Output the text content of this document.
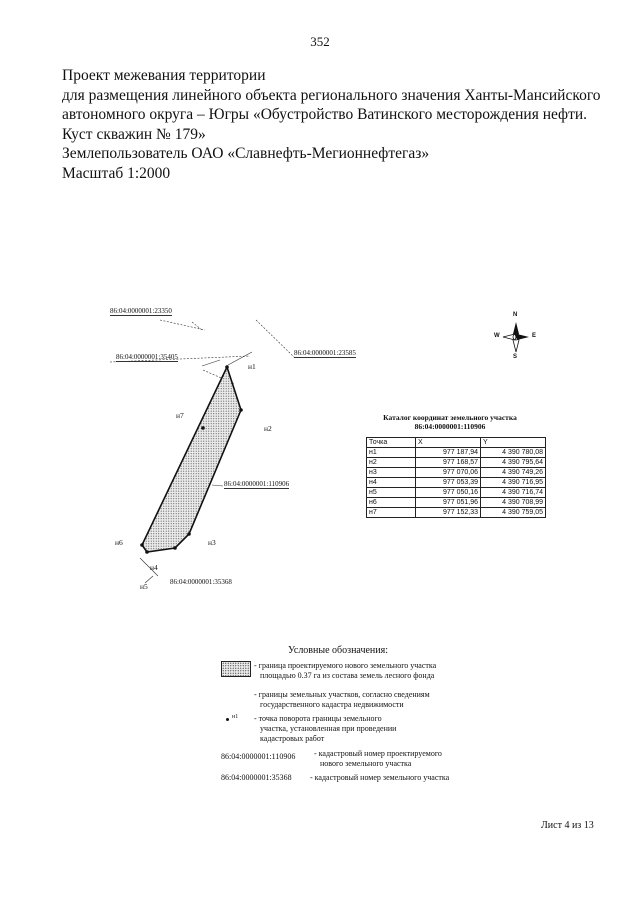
352
Проект межевания территории
для размещения линейного объекта регионального значения Ханты-Мансийского
автономного округа – Югры «Обустройство Ватинского месторождения нефти.
Куст скважин № 179»
Землепользователь ОАО «Славнефть-Мегионнефтегаз»
Масштаб 1:2000
86:04:0000001:23350
86:04:0000001:35405	86:04:0000001:23585
86:04:0000001:35368
86:04:0000001:110906
н1
н2
н3
н4
н5
н6
н7
N
S
W	E
Каталог координат земельного участка
86:04:0000001:110906
Точка	X	Y
н1	977 187,94	4 390 780,08
н2	977 168,57	4 390 795,64
н3	977 070,06	4 390 749,26
н4	977 053,39	4 390 716,95
н5	977 050,16	4 390 716,74
н6	977 051,96	4 390 708,99
н7	977 152,33	4 390 759,05
Условные обозначения:
- граница проектируемого нового земельного участка
площадью 0.37 га из состава земель лесного фонда
- границы земельных участков, согласно сведениям
государственного кадастра недвижимости
н1 - точка поворота границы земельного
участка, установленная при проведении
кадастровых работ
86:04:0000001:110906 - кадастровый номер проектируемого
нового земельного участка
86:04:0000001:35368 - кадастровый номер земельного участка
Лист 4 из 13
